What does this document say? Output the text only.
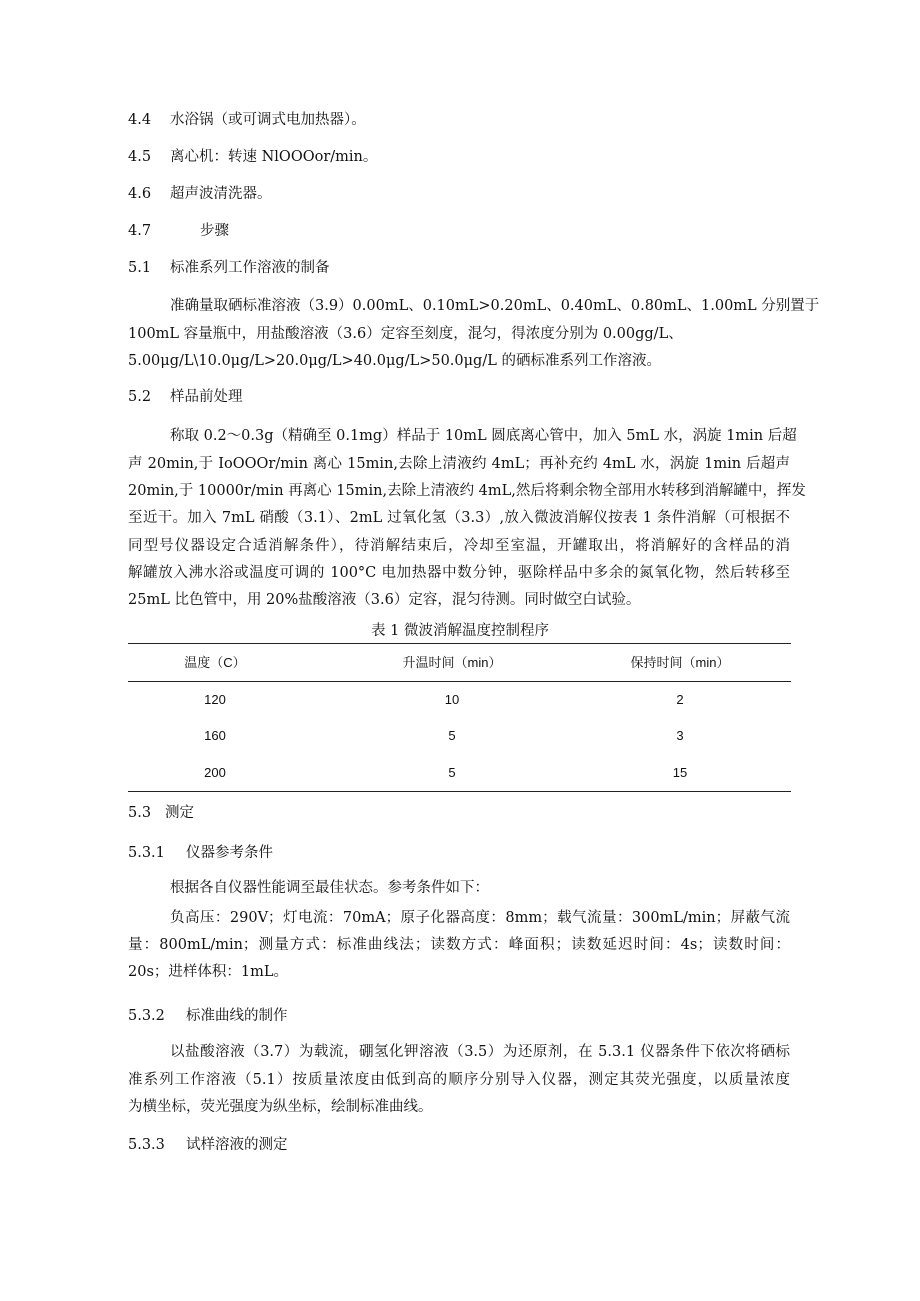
4.4 水浴锅（或可调式电加热器）。
4.5 离心机：转速 NlOOOor/min。
4.6 超声波清洗器。
4.7	步骤
5.1 标准系列工作溶液的制备
准确量取硒标准溶液（3.9）0.00mL、0.10mL>0.20mL、0.40mL、0.80mL、1.00mL 分别置于
100mL 容量瓶中，用盐酸溶液（3.6）定容至刻度，混匀，得浓度分别为 0.00gg/L、
5.00μg/L\10.0μg/L>20.0μg/L>40.0μg/L>50.0μg/L 的硒标准系列工作溶液。
5.2 样品前处理
称取 0.2～0.3g（精确至 0.1mg）样品于 10mL 圆底离心管中，加入 5mL 水，涡旋 1min 后超
声 20min,于 IoOOOr/min 离心 15min,去除上清液约 4mL；再补充约 4mL 水，涡旋 1min 后超声
20min,于 10000r/min 再离心 15min,去除上清液约 4mL,然后将剩余物全部用水转移到消解罐中，挥发
至近干。加入 7mL 硝酸（3.1）、2mL 过氧化氢（3.3）,放入微波消解仪按表 1 条件消解（可根据不
同型号仪器设定合适消解条件），待消解结束后，冷却至室温，开罐取出，将消解好的含样品的消
解罐放入沸水浴或温度可调的 100°C 电加热器中数分钟，驱除样品中多余的氮氧化物，然后转移至
25mL 比色管中，用 20%盐酸溶液（3.6）定容，混匀待测。同时做空白试验。
表 1 微波消解温度控制程序
温度（C）	升温时间（min）	保持时间（min）
120	10	2
160	5	3
200	5	15
5.3 测定
5.3.1 仪器参考条件
根据各自仪器性能调至最佳状态。参考条件如下：
负高压：290V；灯电流：70mA；原子化器高度：8mm；载气流量：300mL/min；屏蔽气流
量：800mL/min；测量方式：标准曲线法；读数方式：峰面积；读数延迟时间：4s；读数时间：
20s；进样体积：1mL。
5.3.2 标准曲线的制作
以盐酸溶液（3.7）为载流，硼氢化钾溶液（3.5）为还原剂，在 5.3.1 仪器条件下依次将硒标
准系列工作溶液（5.1）按质量浓度由低到高的顺序分别导入仪器，测定其荧光强度，以质量浓度
为横坐标，荧光强度为纵坐标，绘制标准曲线。
5.3.3 试样溶液的测定
